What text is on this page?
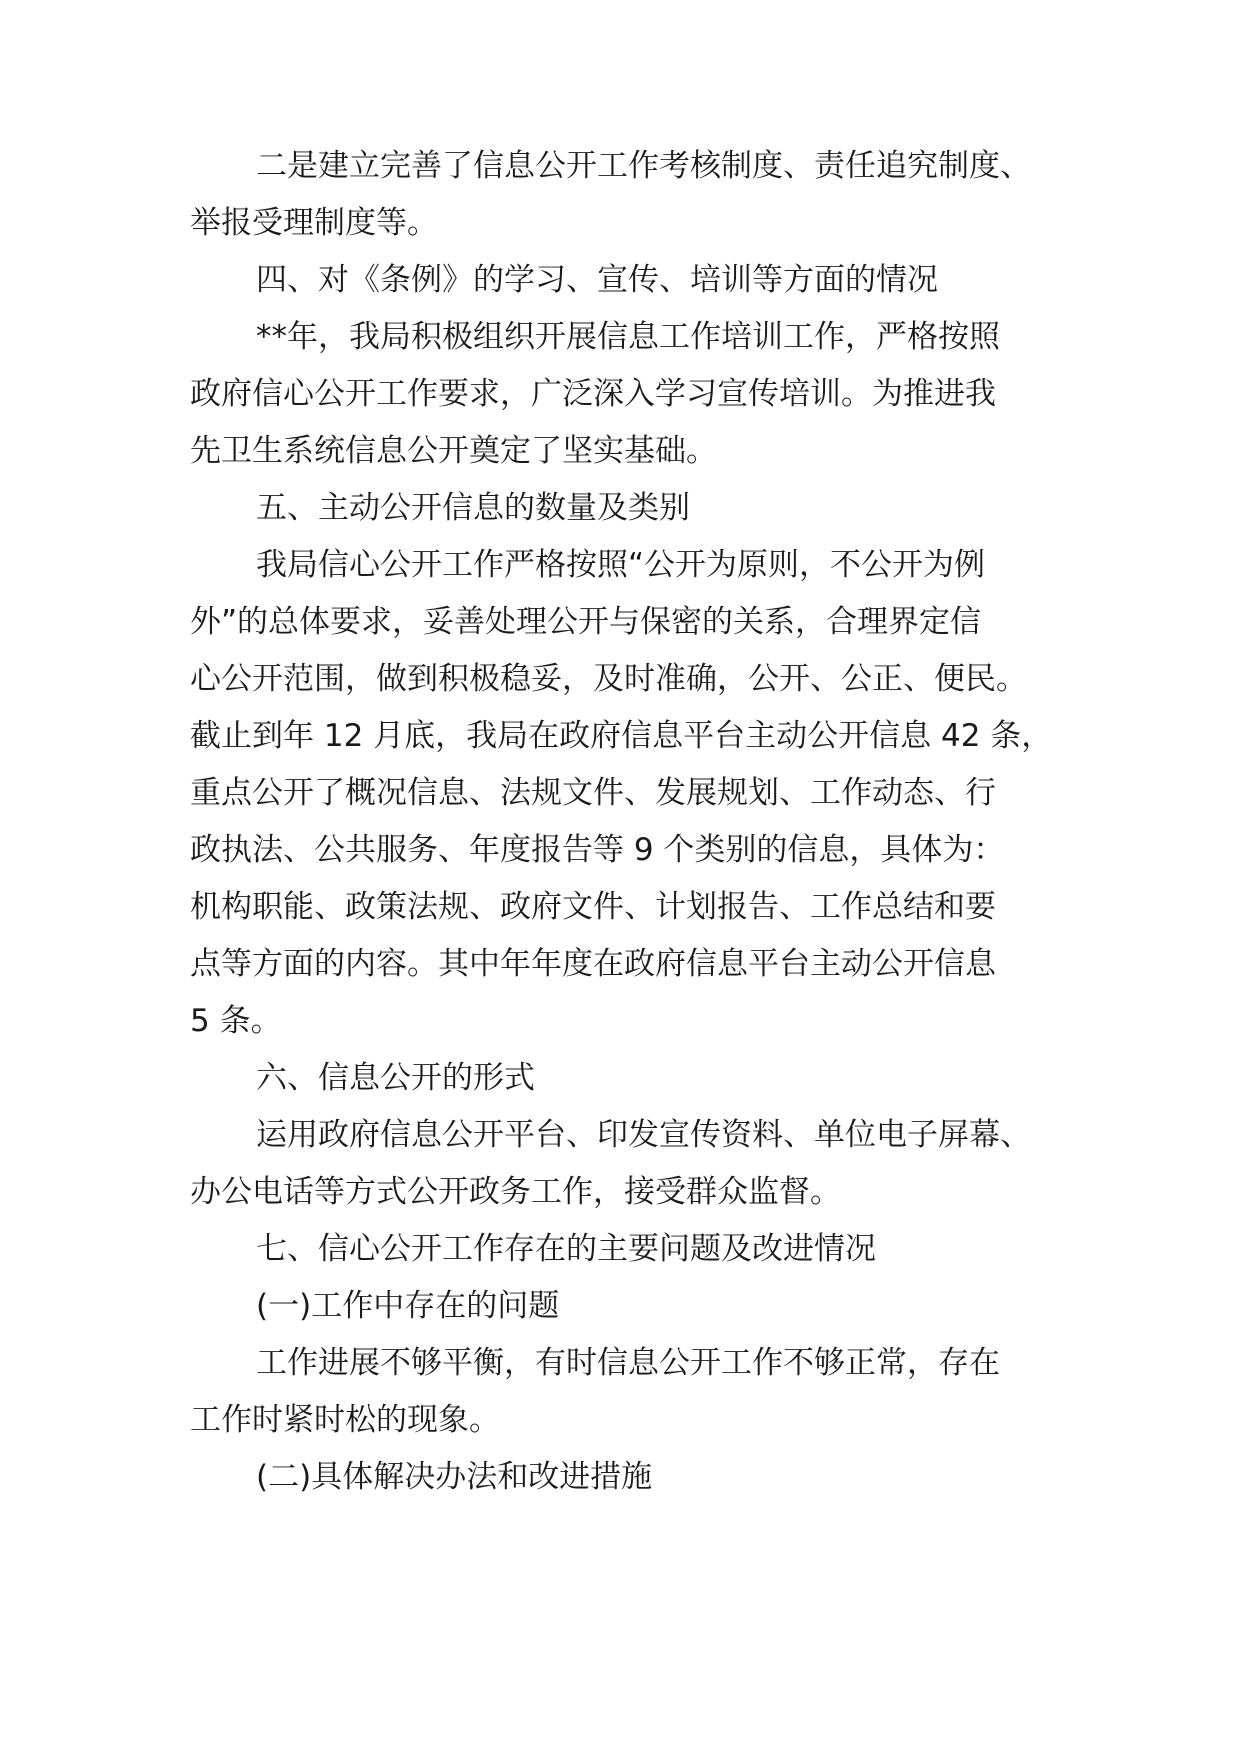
二是建立完善了信息公开工作考核制度、责任追究制度、
举报受理制度等。
四、对《条例》的学习、宣传、培训等方面的情况
**年，我局积极组织开展信息工作培训工作，严格按照
政府信心公开工作要求，广泛深入学习宣传培训。为推进我
先卫生系统信息公开奠定了坚实基础。
五、主动公开信息的数量及类别
我局信心公开工作严格按照“公开为原则，不公开为例
外”的总体要求，妥善处理公开与保密的关系，合理界定信
心公开范围，做到积极稳妥，及时准确，公开、公正、便民。
截止到年 12 月底，我局在政府信息平台主动公开信息 42 条，
重点公开了概况信息、法规文件、发展规划、工作动态、行
政执法、公共服务、年度报告等 9 个类别的信息，具体为：
机构职能、政策法规、政府文件、计划报告、工作总结和要
点等方面的内容。其中年年度在政府信息平台主动公开信息
5 条。
六、信息公开的形式
运用政府信息公开平台、印发宣传资料、单位电子屏幕、
办公电话等方式公开政务工作，接受群众监督。
七、信心公开工作存在的主要问题及改进情况
(一)工作中存在的问题
工作进展不够平衡，有时信息公开工作不够正常，存在
工作时紧时松的现象。
(二)具体解决办法和改进措施
